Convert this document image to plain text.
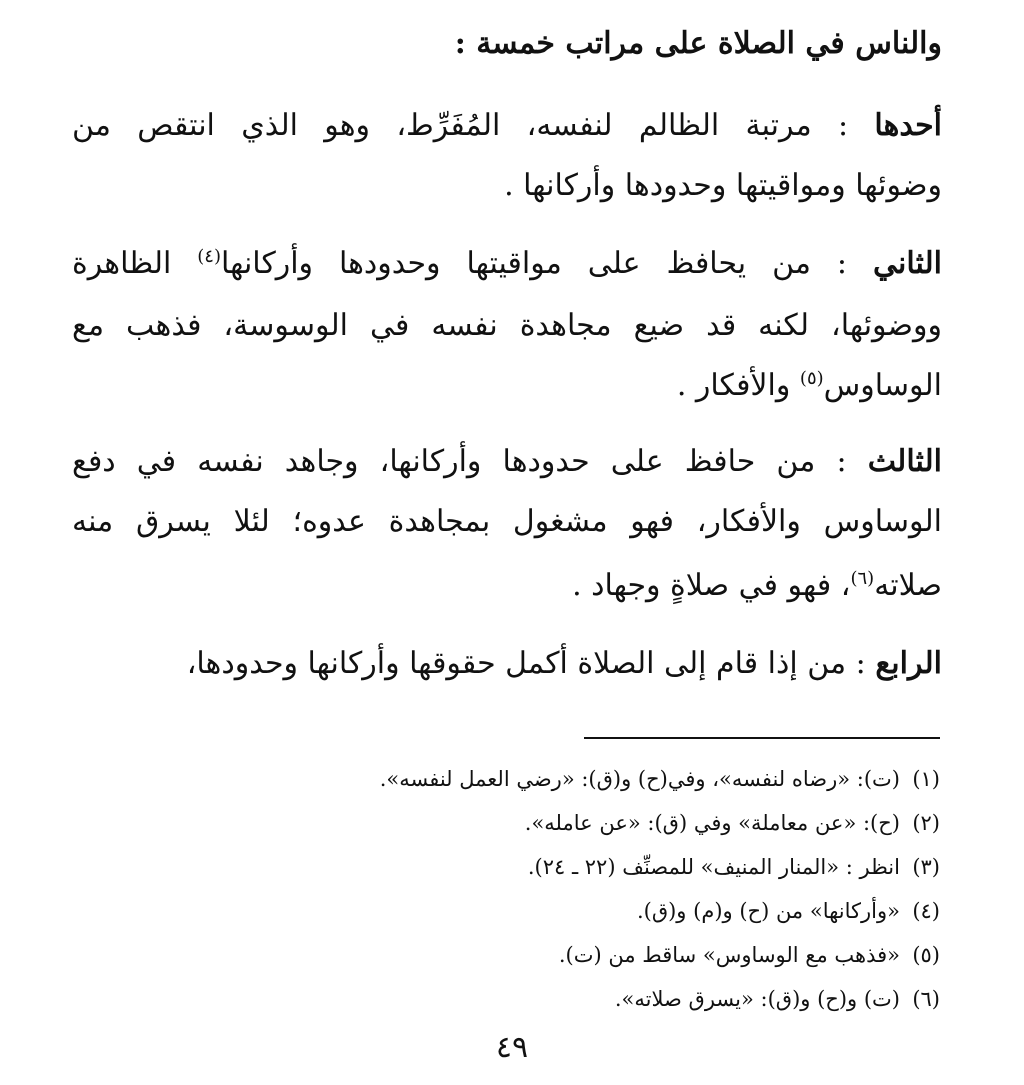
والناس في الصلاة على مراتب خمسة :

أحدها : مرتبة الظالم لنفسه، المُفَرِّط، وهو الذي انتقص من

وضوئها ومواقيتها وحدودها وأركانها .

الثاني : من يحافظ على مواقيتها وحدودها وأركانها$^{(٤)}$ الظاهرة

ووضوئها، لكنه قد ضيع مجاهدة نفسه في الوسوسة، فذهب مع

الوساوس$^{(٥)}$ والأفكار .

الثالث : من حافظ على حدودها وأركانها، وجاهد نفسه في دفع

الوساوس والأفكار، فهو مشغول بمجاهدة عدوه؛ لئلا يسرق منه

صلاته$^{(٦)}$، فهو في صلاةٍ وجهاد .

الرابع : من إذا قام إلى الصلاة أكمل حقوقها وأركانها وحدودها،

(١)(ت): «رضاه لنفسه»، وفي(ح) و(ق): «رضي العمل لنفسه».
(٢)(ح): «عن معاملة» وفي (ق): «عن عامله».
(٣)انظر : «المنار المنيف» للمصنِّف (٢٢ ـ ٢٤).
(٤)«وأركانها» من (ح) و(م) و(ق).
(٥)«فذهب مع الوساوس» ساقط من (ت).
(٦)(ت) و(ح) و(ق): «يسرق صلاته».
٤٩
